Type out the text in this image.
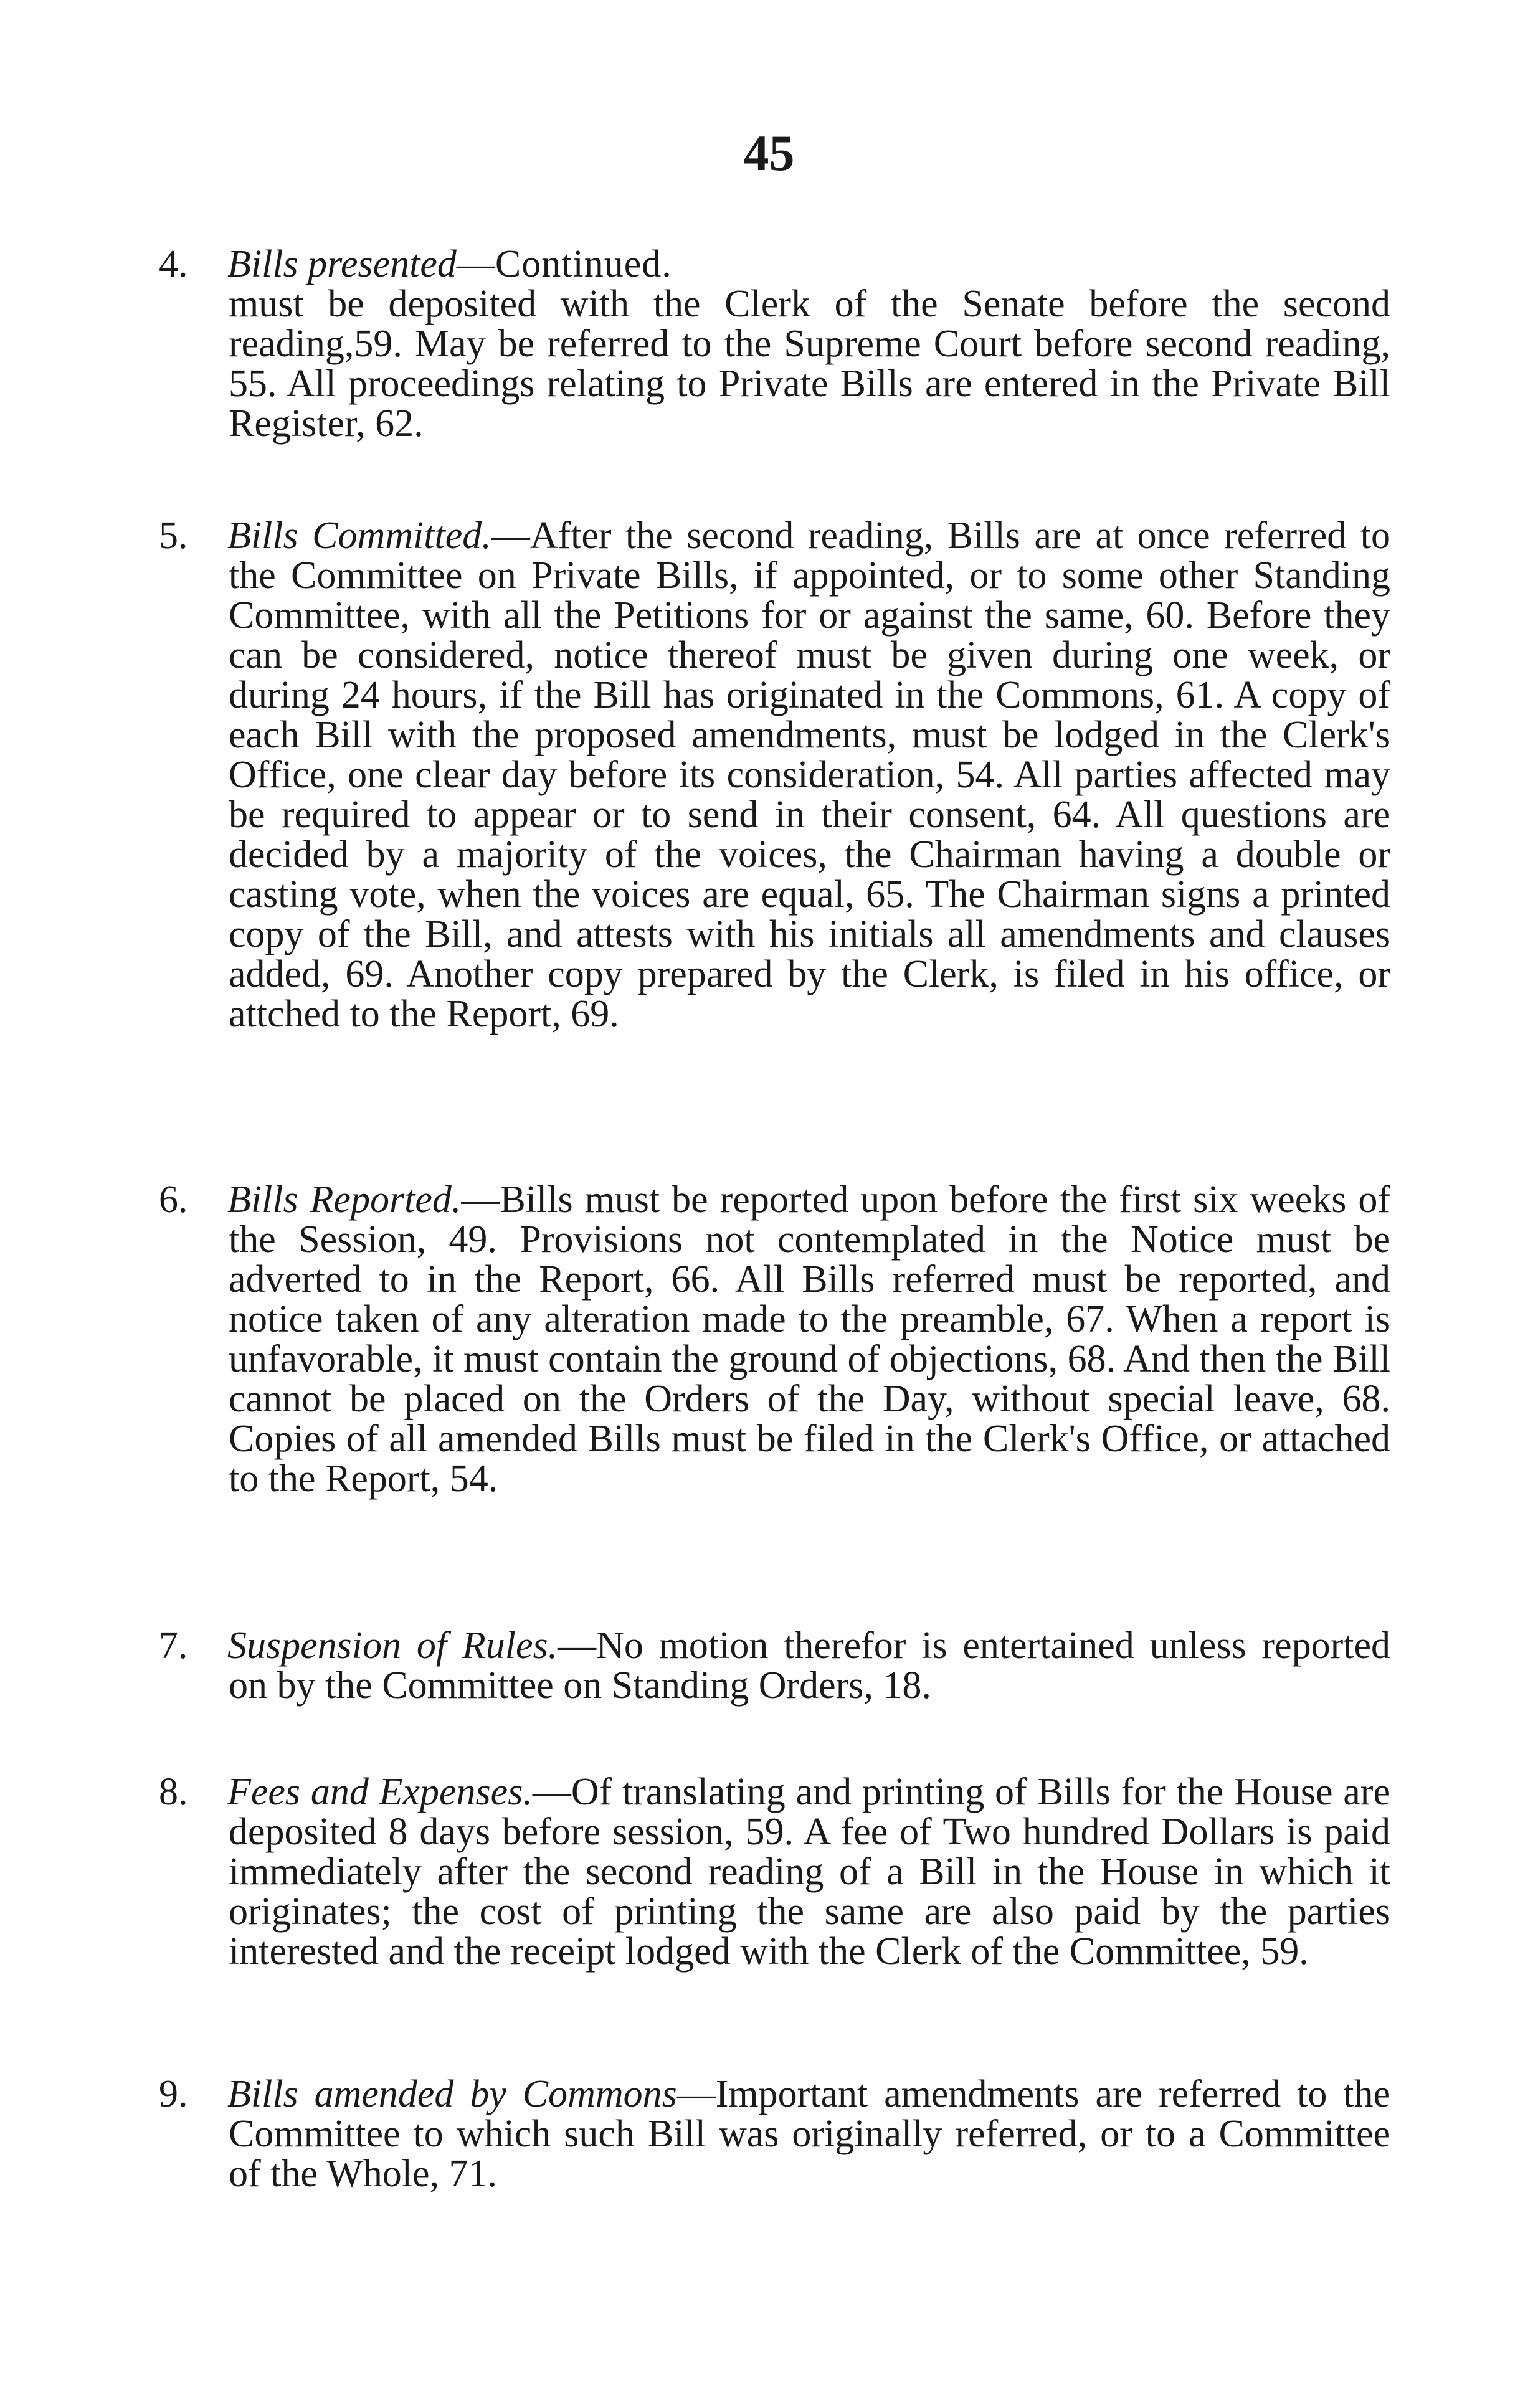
45
4. Bills presented—Continued.
must be deposited with the Clerk of the Senate before the second reading,59. May be referred to the Supreme Court before second reading, 55. All proceedings relating to Private Bills are entered in the Private Bill Register, 62.
5. Bills Committed.—After the second reading, Bills are at once referred to the Committee on Private Bills, if appointed, or to some other Standing Committee, with all the Petitions for or against the same, 60. Before they can be considered, notice thereof must be given during one week, or during 24 hours, if the Bill has originated in the Commons, 61. A copy of each Bill with the proposed amendments, must be lodged in the Clerk's Office, one clear day before its consideration, 54. All parties affected may be required to appear or to send in their consent, 64. All questions are decided by a majority of the voices, the Chairman having a double or casting vote, when the voices are equal, 65. The Chairman signs a printed copy of the Bill, and attests with his initials all amendments and clauses added, 69. Another copy prepared by the Clerk, is filed in his office, or attched to the Report, 69.
6. Bills Reported.—Bills must be reported upon before the first six weeks of the Session, 49. Provisions not contemplated in the Notice must be adverted to in the Report, 66. All Bills referred must be reported, and notice taken of any alteration made to the preamble, 67. When a report is unfavorable, it must contain the ground of objections, 68. And then the Bill cannot be placed on the Orders of the Day, without special leave, 68. Copies of all amended Bills must be filed in the Clerk's Office, or attached to the Report, 54.
7. Suspension of Rules.—No motion therefor is entertained unless reported on by the Committee on Standing Orders, 18.
8. Fees and Expenses.—Of translating and printing of Bills for the House are deposited 8 days before session, 59. A fee of Two hundred Dollars is paid immediately after the second reading of a Bill in the House in which it originates; the cost of printing the same are also paid by the parties interested and the receipt lodged with the Clerk of the Committee, 59.
9. Bills amended by Commons—Important amendments are referred to the Committee to which such Bill was originally referred, or to a Committee of the Whole, 71.
